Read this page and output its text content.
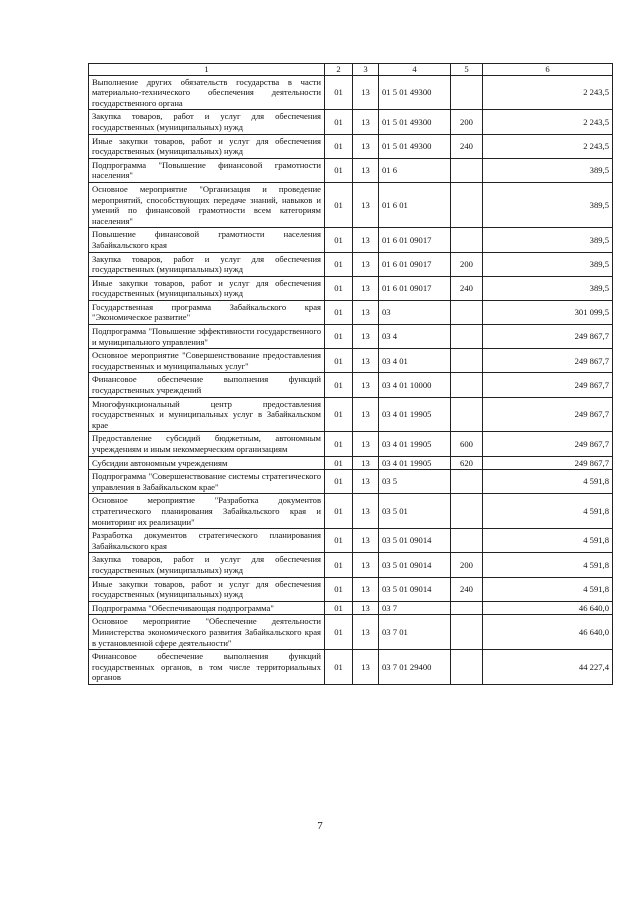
1	2	3	4	5	6
Выполнение других обязательств государства в части материально-технического обеспечения деятельности государственного органа	01	13	01 5 01 49300		2 243,5
Закупка товаров, работ и услуг для обеспечения государственных (муниципальных) нужд	01	13	01 5 01 49300	200	2 243,5
Иные закупки товаров, работ и услуг для обеспечения государственных (муниципальных) нужд	01	13	01 5 01 49300	240	2 243,5
Подпрограмма "Повышение финансовой грамотности населения"	01	13	01 6		389,5
Основное мероприятие "Организация и проведение мероприятий, способствующих передаче знаний, навыков и умений по финансовой грамотности всем категориям населения"	01	13	01 6 01		389,5
Повышение финансовой грамотности населения Забайкальского края	01	13	01 6 01 09017		389,5
Закупка товаров, работ и услуг для обеспечения государственных (муниципальных) нужд	01	13	01 6 01 09017	200	389,5
Иные закупки товаров, работ и услуг для обеспечения государственных (муниципальных) нужд	01	13	01 6 01 09017	240	389,5
Государственная программа Забайкальского края "Экономическое развитие"	01	13	03		301 099,5
Подпрограмма "Повышение эффективности государственного и муниципального управления"	01	13	03 4		249 867,7
Основное мероприятие "Совершенствование предоставления государственных и муниципальных услуг"	01	13	03 4 01		249 867,7
Финансовое обеспечение выполнения функций государственных учреждений	01	13	03 4 01 10000		249 867,7
Многофункциональный центр предоставления государственных и муниципальных услуг в Забайкальском крае	01	13	03 4 01 19905		249 867,7
Предоставление субсидий бюджетным, автономным учреждениям и иным некоммерческим организациям	01	13	03 4 01 19905	600	249 867,7
Субсидии автономным учреждениям	01	13	03 4 01 19905	620	249 867,7
Подпрограмма "Совершенствование системы стратегического управления в Забайкальском крае"	01	13	03 5		4 591,8
Основное мероприятие "Разработка документов стратегического планирования Забайкальского края и мониторинг их реализации"	01	13	03 5 01		4 591,8
Разработка документов стратегического планирования Забайкальского края	01	13	03 5 01 09014		4 591,8
Закупка товаров, работ и услуг для обеспечения государственных (муниципальных) нужд	01	13	03 5 01 09014	200	4 591,8
Иные закупки товаров, работ и услуг для обеспечения государственных (муниципальных) нужд	01	13	03 5 01 09014	240	4 591,8
Подпрограмма "Обеспечивающая подпрограмма"	01	13	03 7		46 640,0
Основное мероприятие "Обеспечение деятельности Министерства экономического развития Забайкальского края в установленной сфере деятельности"	01	13	03 7 01		46 640,0
Финансовое обеспечение выполнения функций государственных органов, в том числе территориальных органов	01	13	03 7 01 29400		44 227,4
7
